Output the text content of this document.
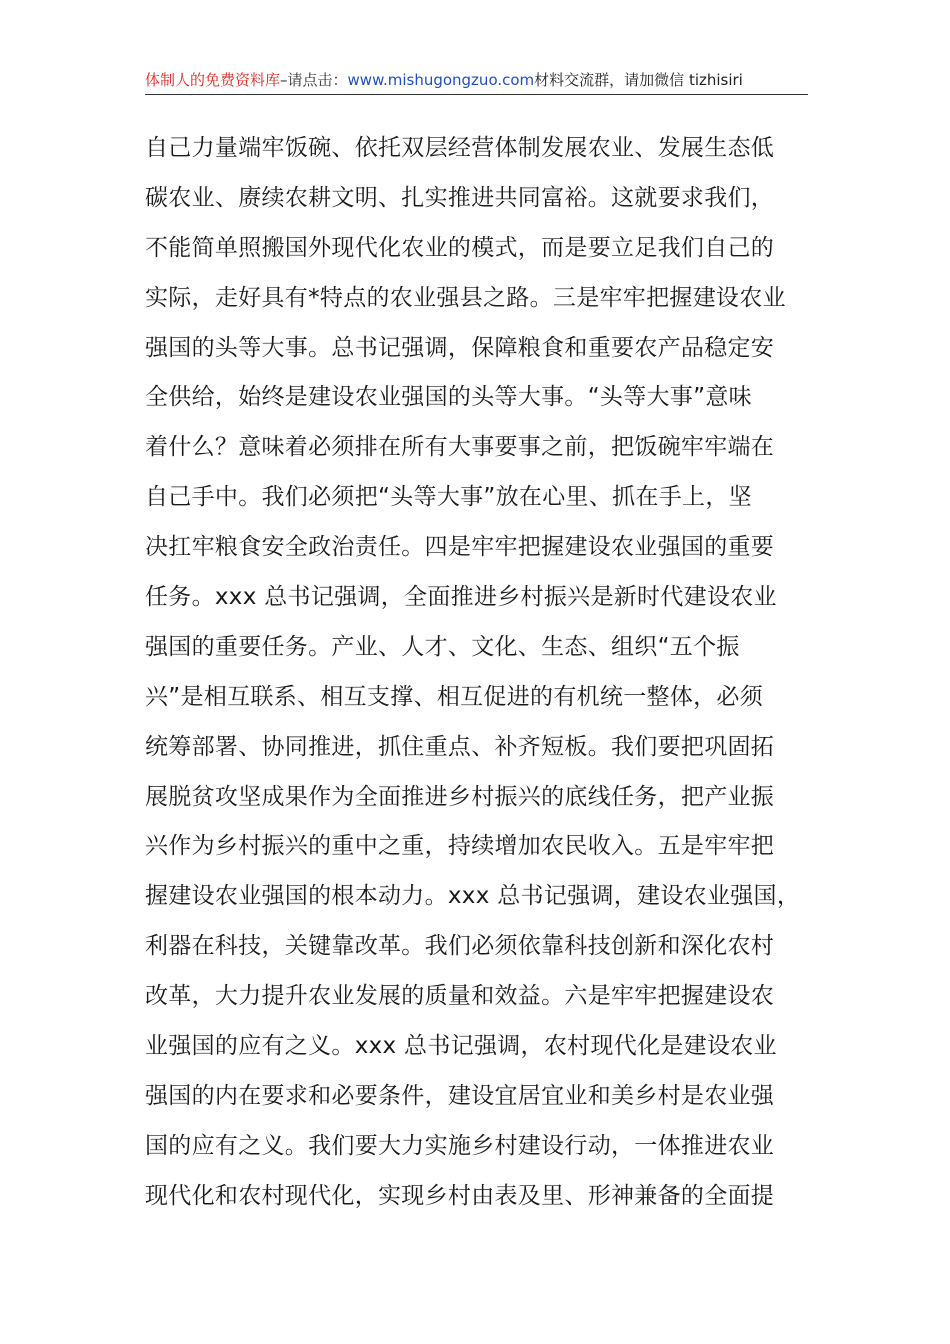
体制人的免费资料库–请点击：www.mishugongzuo.com材料交流群，请加微信 tizhisiri
自己力量端牢饭碗、依托双层经营体制发展农业、发展生态低
碳农业、赓续农耕文明、扎实推进共同富裕。这就要求我们，
不能简单照搬国外现代化农业的模式，而是要立足我们自己的
实际，走好具有*特点的农业强县之路。三是牢牢把握建设农业
强国的头等大事。总书记强调，保障粮食和重要农产品稳定安
全供给，始终是建设农业强国的头等大事。“头等大事”意味
着什么？意味着必须排在所有大事要事之前，把饭碗牢牢端在
自己手中。我们必须把“头等大事”放在心里、抓在手上，坚
决扛牢粮食安全政治责任。四是牢牢把握建设农业强国的重要
任务。xxx 总书记强调，全面推进乡村振兴是新时代建设农业
强国的重要任务。产业、人才、文化、生态、组织“五个振
兴”是相互联系、相互支撑、相互促进的有机统一整体，必须
统筹部署、协同推进，抓住重点、补齐短板。我们要把巩固拓
展脱贫攻坚成果作为全面推进乡村振兴的底线任务，把产业振
兴作为乡村振兴的重中之重，持续增加农民收入。五是牢牢把
握建设农业强国的根本动力。xxx 总书记强调，建设农业强国，
利器在科技，关键靠改革。我们必须依靠科技创新和深化农村
改革，大力提升农业发展的质量和效益。六是牢牢把握建设农
业强国的应有之义。xxx 总书记强调，农村现代化是建设农业
强国的内在要求和必要条件，建设宜居宜业和美乡村是农业强
国的应有之义。我们要大力实施乡村建设行动，一体推进农业
现代化和农村现代化，实现乡村由表及里、形神兼备的全面提
